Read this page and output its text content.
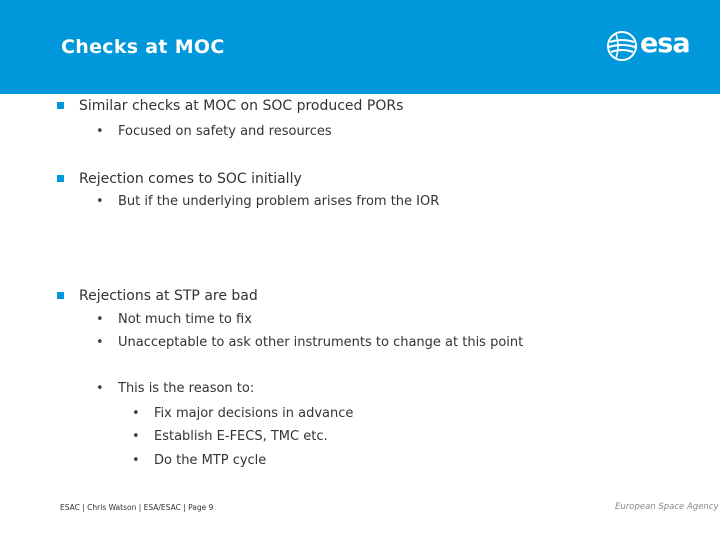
Checks at MOC	esa
Similar checks at MOC on SOC produced PORs
• Focused on safety and resources
Rejection comes to SOC initially
• But if the underlying problem arises from the IOR
Rejections at STP are bad
• Not much time to fix
• Unacceptable to ask other instruments to change at this point
• This is the reason to:
• Fix major decisions in advance
• Establish E-FECS, TMC etc.
• Do the MTP cycle
ESAC | Chris Watson | ESA/ESAC | Page 9	European Space Agency
